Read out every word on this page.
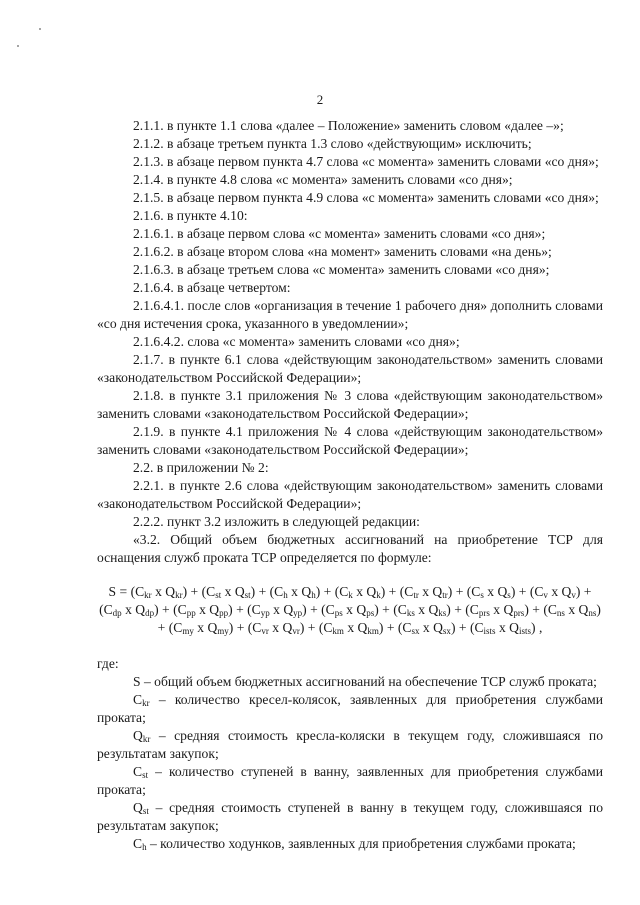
2

2.1.1. в пункте 1.1 слова «далее – Положение» заменить словом «далее –»;

2.1.2. в абзаце третьем пункта 1.3 слово «действующим» исключить;

2.1.3. в абзаце первом пункта 4.7 слова «с момента» заменить словами «со дня»;

2.1.4. в пункте 4.8 слова «с момента» заменить словами «со дня»;

2.1.5. в абзаце первом пункта 4.9 слова «с момента» заменить словами «со дня»;

2.1.6. в пункте 4.10:

2.1.6.1. в абзаце первом слова «с момента» заменить словами «со дня»;

2.1.6.2. в абзаце втором слова «на момент» заменить словами «на день»;

2.1.6.3. в абзаце третьем слова «с момента» заменить словами «со дня»;

2.1.6.4. в абзаце четвертом:

2.1.6.4.1. после слов «организация в течение 1 рабочего дня» дополнить словами «со дня истечения срока, указанного в уведомлении»;

2.1.6.4.2. слова «с момента» заменить словами «со дня»;

2.1.7. в пункте 6.1 слова «действующим законодательством» заменить словами «законодательством Российской Федерации»;

2.1.8. в пункте 3.1 приложения № 3 слова «действующим законодательством» заменить словами «законодательством Российской Федерации»;

2.1.9. в пункте 4.1 приложения № 4 слова «действующим законодательством» заменить словами «законодательством Российской Федерации»;

2.2. в приложении № 2:

2.2.1. в пункте 2.6 слова «действующим законодательством» заменить словами «законодательством Российской Федерации»;

2.2.2. пункт 3.2 изложить в следующей редакции:

«3.2. Общий объем бюджетных ассигнований на приобретение ТСР для оснащения служб проката ТСР определяется по формуле:

$S = (C_{kr}$ х $Q_{kr}) + (C_{st}$ х $Q_{st}) + (C_h$ х $Q_h) + (C_k$ х $Q_k) + (C_{tr}$ х $Q_{tr}) + (C_s$ х $Q_s) + (C_v$ х $Q_v) + (C_{dp}$ х $Q_{dp}) + (C_{pp}$ х $Q_{pp}) + (C_{yp}$ х $Q_{yp}) + (C_{ps}$ х $Q_{ps}) + (C_{ks}$ х $Q_{ks}) + (C_{prs}$ х $Q_{prs}) + (C_{ns}$ х $Q_{ns}) + (C_{my}$ х $Q_{my}) + (C_{vr}$ х $Q_{vr}) + (C_{km}$ х $Q_{km}) + (C_{sx}$ х $Q_{sx}) + (C_{ists}$ х $Q_{ists}$) ,

где:

S – общий объем бюджетных ассигнований на обеспечение ТСР служб проката;

$С_{kr}$ – количество кресел-колясок, заявленных для приобретения службами проката;

$Q_{kr}$ – средняя стоимость кресла-коляски в текущем году, сложившаяся по результатам закупок;

$C_{st}$ – количество ступеней в ванну, заявленных для приобретения службами проката;

$Q_{st}$ – средняя стоимость ступеней в ванну в текущем году, сложившаяся по результатам закупок;

$C_h$ – количество ходунков, заявленных для приобретения службами проката;
